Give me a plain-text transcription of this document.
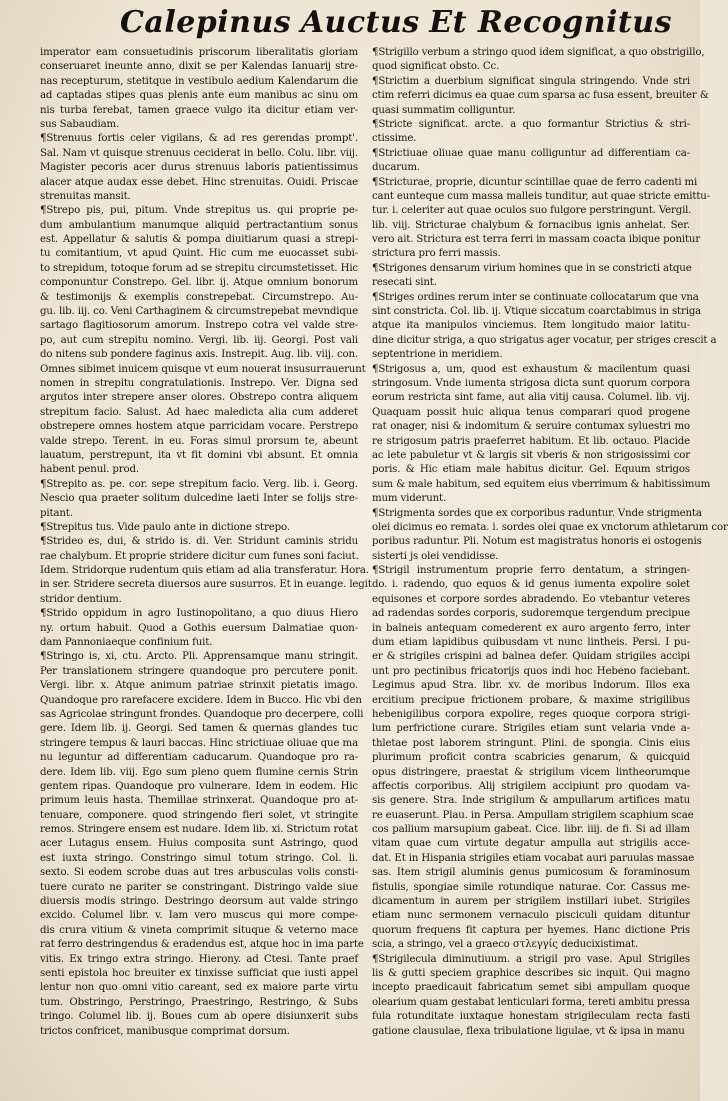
Calepinus Auctus Et Recognitus
imperator eam consuetudinis priscorum liberalitatis gloriam
conseruaret ineunte anno, dixit se per Kalendas Ianuarij stre-
nas recepturum, stetitque in vestibulo aedium Kalendarum die
ad captadas stipes quas plenis ante eum manibus ac sinu om
nis turba ferebat, tamen graece vulgo ita dicitur etiam ver-
sus Sabaudiam.
¶Strenuus fortis celer vigilans, & ad res gerendas prompt'.
Sal. Nam vt quisque strenuus ceciderat in bello. Colu. libr. viij.
Magister pecoris acer durus strenuus laboris patientissimus
alacer atque audax esse debet. Hinc strenuitas. Ouidi. Priscae
strenuitas mansit.
¶Strepo pis, pui, pitum. Vnde strepitus us. qui proprie pe-
dum ambulantium manumque aliquid pertractantium sonus
est. Appellatur & salutis & pompa diuitiarum quasi a strepi-
tu comitantium, vt apud Quint. Hic cum me euocasset subi-
to strepidum, totoque forum ad se strepitu circumstetisset. Hic
componuntur Constrepo. Gel. libr. ij. Atque omnium bonorum
& testimonijs & exemplis constrepebat. Circumstrepo. Au-
gu. lib. iij. co. Veni Carthaginem & circumstrepebat mevndique
sartago flagitiosorum amorum. Instrepo cotra vel valde stre-
po, aut cum strepitu nomino. Vergi. lib. iij. Georgi. Post vali
do nitens sub pondere faginus axis. Instrepit. Aug. lib. viij. con.
Omnes sibimet inuicem quisque vt eum nouerat insusurrauerunt
nomen in strepitu congratulationis. Instrepo. Ver. Digna sed
argutos inter strepere anser olores. Obstrepo contra aliquem
strepitum facio. Salust. Ad haec maledicta alia cum adderet
obstrepere omnes hostem atque parricidam vocare. Perstrepo
valde strepo. Terent. in eu. Foras simul prorsum te, abeunt
lauatum, perstrepunt, ita vt fit domini vbi absunt. Et omnia
habent penul. prod.
¶Strepito as. pe. cor. sepe strepitum facio. Verg. lib. i. Georg.
Nescio qua praeter solitum dulcedine laeti Inter se folijs stre-
pitant.
¶Strepitus tus. Vide paulo ante in dictione strepo.
¶Strideo es, dui, & strido is. di. Ver. Stridunt caminis stridu
rae chalybum. Et proprie stridere dicitur cum funes soni faciut.
Idem. Stridorque rudentum quis etiam ad alia transferatur. Hora.
in ser. Stridere secreta diuersos aure susurros. Et in euange. legit
stridor dentium.
¶Strido oppidum in agro Iustinopolitano, a quo diuus Hiero
ny. ortum habuit. Quod a Gothis euersum Dalmatiae quon-
dam Pannoniaeque confinium fuit.
¶Stringo is, xi, ctu. Arcto. Pli. Apprensamque manu stringit.
Per translationem stringere quandoque pro percutere ponit.
Vergi. libr. x. Atque animum patriae strinxit pietatis imago.
Quandoque pro rarefacere excidere. Idem in Bucco. Hic vbi den
sas Agricolae stringunt frondes. Quandoque pro decerpere, colli
gere. Idem lib. ij. Georgi. Sed tamen & quernas glandes tuc
stringere tempus & lauri baccas. Hinc strictiuae oliuae que ma
nu leguntur ad differentiam caducarum. Quandoque pro ra-
dere. Idem lib. viij. Ego sum pleno quem flumine cernis Strin
gentem ripas. Quandoque pro vulnerare. Idem in eodem. Hic
primum leuis hasta. Themillae strinxerat. Quandoque pro at-
tenuare, componere. quod stringendo fieri solet, vt stringite
remos. Stringere ensem est nudare. Idem lib. xi. Strictum rotat
acer Lutagus ensem. Huius composita sunt Astringo, quod
est iuxta stringo. Constringo simul totum stringo. Col. li.
sexto. Si eodem scrobe duas aut tres arbusculas volis consti-
tuere curato ne pariter se constringant. Distringo valde siue
diuersis modis stringo. Destringo deorsum aut valde stringo
excido. Columel libr. v. Iam vero muscus qui more compe-
dis crura vitium & vineta comprimit situque & veterno mace
rat ferro destringendus & eradendus est, atque hoc in ima parte
vitis. Ex tringo extra stringo. Hierony. ad Ctesi. Tante praef
senti epistola hoc breuiter ex tinxisse sufficiat que iusti appel
lentur non quo omni vitio careant, sed ex maiore parte virtu
tum. Obstringo, Perstringo, Praestringo, Restringo, & Subs
tringo. Columel lib. ij. Boues cum ab opere disiunxerit subs
trictos confricet, manibusque comprimat dorsum.
¶Strigillo verbum a stringo quod idem significat, a quo obstrigillo,
quod significat obsto. Cc.
¶Strictim a duerbium significat singula stringendo. Vnde stri
ctim referri dicimus ea quae cum sparsa ac fusa essent, breuiter &
quasi summatim colliguntur.
¶Stricte significat. arcte. a quo formantur Strictius & stri-
ctissime.
¶Strictiuae oliuae quae manu colliguntur ad differentiam ca-
ducarum.
¶Stricturae, proprie, dicuntur scintillae quae de ferro cadenti mi
cant eunteque cum massa malleis tunditur, aut quae stricte emittu-
tur. i. celeriter aut quae oculos suo fulgore perstringunt. Vergil.
lib. viij. Stricturae chalybum & fornacibus ignis anhelat. Ser.
vero ait. Strictura est terra ferri in massam coacta ibique ponitur
strictura pro ferri massis.
¶Strigones densarum virium homines que in se constricti atque
resecati sint.
¶Striges ordines rerum inter se continuate collocatarum que vna
sint constricta. Col. lib. ij. Vtique siccatum coarctabimus in striga
atque ita manipulos vinciemus. Item longitudo maior latitu-
dine dicitur striga, a quo strigatus ager vocatur, per striges crescit a
septentrione in meridiem.
¶Strigosus a, um, quod est exhaustum & macilentum quasi
stringosum. Vnde iumenta strigosa dicta sunt quorum corpora
eorum restricta sint fame, aut alia vitij causa. Columel. lib. vij.
Quaquam possit huic aliqua tenus comparari quod progene
rat onager, nisi & indomitum & seruire contumax syluestri mo
re strigosum patris praeferret habitum. Et lib. octauo. Placide
ac lete pabuletur vt & largis sit vberis & non strigosissimi cor
poris. & Hic etiam male habitus dicitur. Gel. Equum strigos
sum & male habitum, sed equitem eius vberrimum & habitissimum
mum viderunt.
¶Strigmenta sordes que ex corporibus raduntur. Vnde strigmenta
olei dicimus eo remata. i. sordes olei quae ex vnctorum athletarum cor
poribus raduntur. Pli. Notum est magistratus honoris ei ostogenis
sisterti js olei vendidisse.
¶Strigil instrumentum proprie ferro dentatum, a stringen-
do. i. radendo, quo equos & id genus iumenta expolire solet
equisones et corpore sordes abradendo. Eo vtebantur veteres
ad radendas sordes corporis, sudoremque tergendum precipue
in balneis antequam comederent ex auro argento ferro, inter
dum etiam lapidibus quibusdam vt nunc lintheis. Persi. I pu-
er & strigiles crispini ad balnea defer. Quidam strigiles accipi
unt pro pectinibus fricatorijs quos indi hoc Hebeno faciebant.
Legimus apud Stra. libr. xv. de moribus Indorum. Illos exa
ercitium precipue frictionem probare, & maxime strigilibus
hebenigilibus corpora expolire, reges quoque corpora strigi-
lum perfrictione curare. Strigiles etiam sunt velaria vnde a-
thletae post laborem stringunt. Plini. de spongia. Cinis eius
plurimum proficit contra scabricies genarum, & quicquid
opus distringere, praestat & strigilum vicem lintheorumque
affectis corporibus. Alij strigilem accipiunt pro quodam va-
sis genere. Stra. Inde strigilum & ampullarum artifices matu
re euaserunt. Plau. in Persa. Ampullam strigilem scaphium scae
cos pallium marsupium gabeat. Cice. libr. iiij. de fi. Si ad illam
vitam quae cum virtute degatur ampulla aut strigilis acce-
dat. Et in Hispania strigiles etiam vocabat auri paruulas massae
sas. Item strigil aluminis genus pumicosum & foraminosum
fistulis, spongiae simile rotundique naturae. Cor. Cassus me-
dicamentum in aurem per strigilem instillari iubet. Strigiles
etiam nunc sermonem vernaculo pisciculi quidam dituntur
quorum frequens fit captura per hyemes. Hanc dictione Pris
scia, a stringo, vel a graeco στλεγγίς deducixistimat.
¶Strigilecula diminutiuum. a strigil pro vase. Apul Strigiles
lis & gutti speciem graphice describes sic inquit. Qui magno
incepto praedicauit fabricatum semet sibi ampullam quoque
olearium quam gestabat lenticulari forma, tereti ambitu pressa
fula rotunditate iuxtaque honestam strigileculam recta fasti
gatione clausulae, flexa tribulatione ligulae, vt & ipsa in manu
